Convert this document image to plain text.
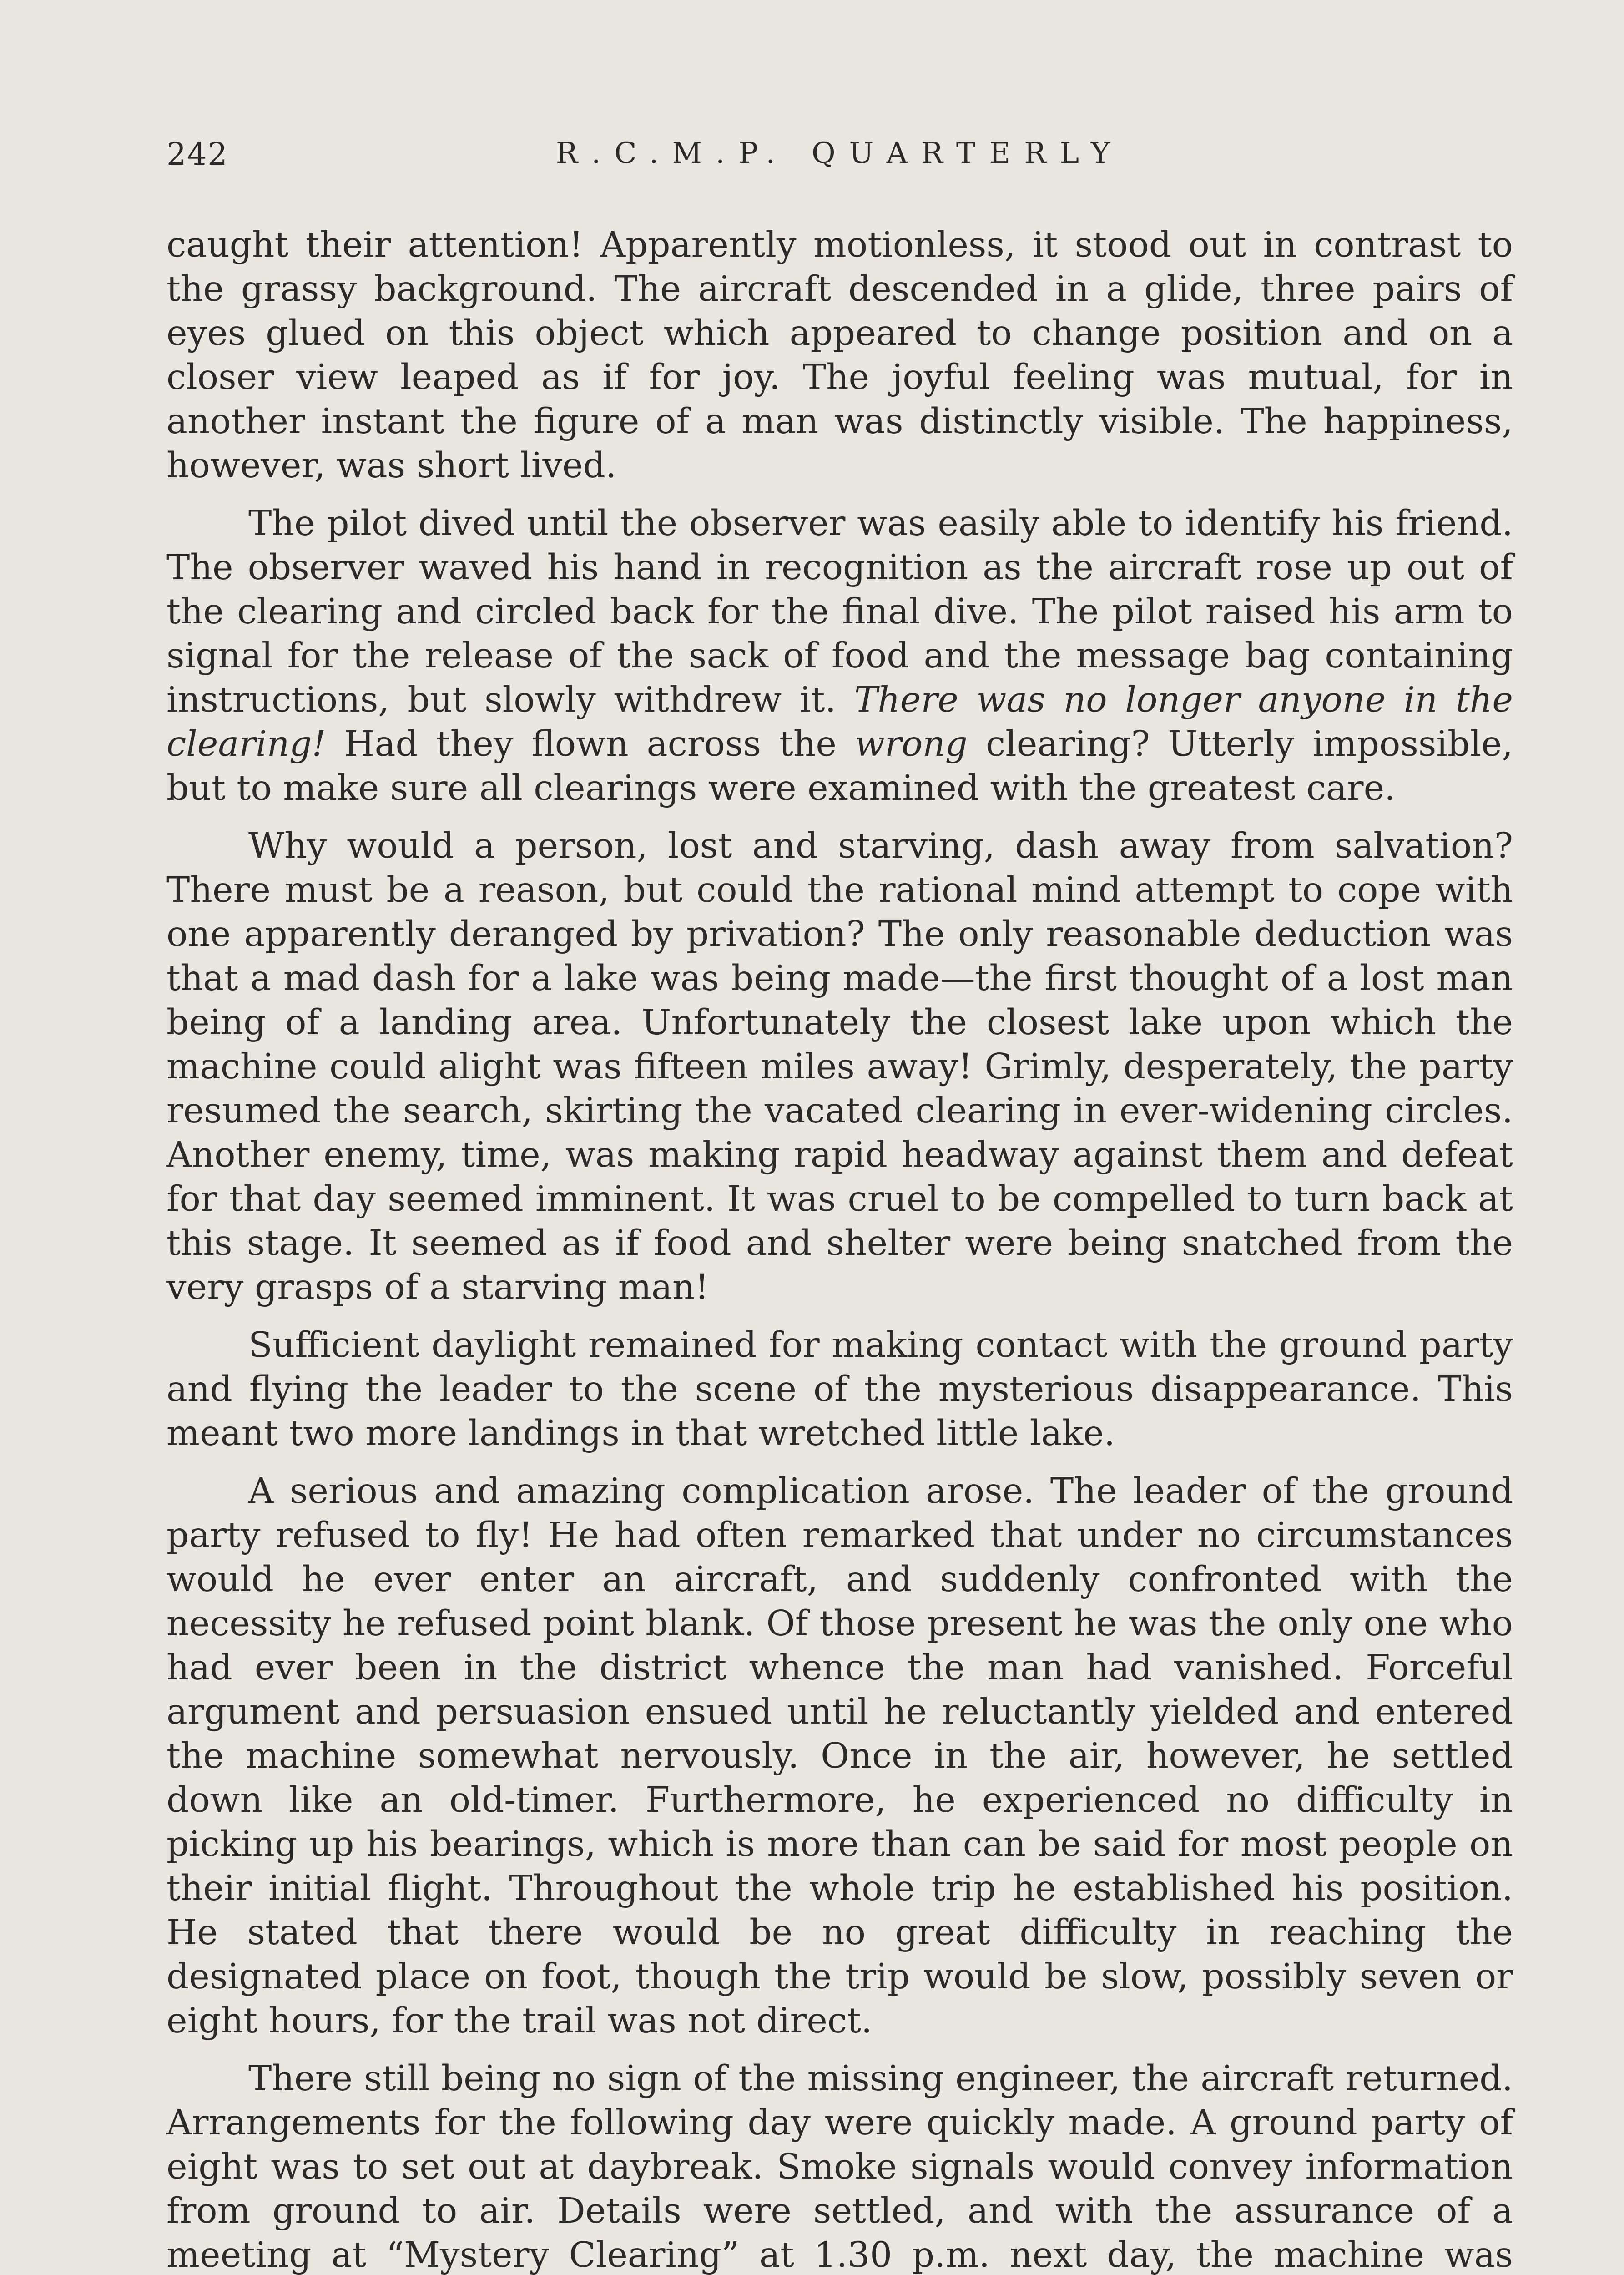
242	R.C.M.P. QUARTERLY

caught their attention! Apparently motionless, it stood out in contrast to the grassy background. The aircraft descended in a glide, three pairs of eyes glued on this object which appeared to change position and on a closer view leaped as if for joy. The joyful feeling was mutual, for in another instant the figure of a man was distinctly visible. The happiness, however, was short lived.

The pilot dived until the observer was easily able to identify his friend. The observer waved his hand in recognition as the aircraft rose up out of the clearing and circled back for the final dive. The pilot raised his arm to signal for the release of the sack of food and the message bag containing instructions, but slowly withdrew it. There was no longer anyone in the clearing! Had they flown across the wrong clearing? Utterly impossible, but to make sure all clearings were examined with the greatest care.

Why would a person, lost and starving, dash away from salvation? There must be a reason, but could the rational mind attempt to cope with one apparently deranged by privation? The only reasonable deduction was that a mad dash for a lake was being made—the first thought of a lost man being of a landing area. Unfortunately the closest lake upon which the machine could alight was fifteen miles away! Grimly, desperately, the party resumed the search, skirting the vacated clearing in ever-widening circles. Another enemy, time, was making rapid headway against them and defeat for that day seemed imminent. It was cruel to be compelled to turn back at this stage. It seemed as if food and shelter were being snatched from the very grasps of a starving man!

Sufficient daylight remained for making contact with the ground party and flying the leader to the scene of the mysterious disappearance. This meant two more landings in that wretched little lake.

A serious and amazing complication arose. The leader of the ground party refused to fly! He had often remarked that under no circumstances would he ever enter an aircraft, and suddenly confronted with the necessity he refused point blank. Of those present he was the only one who had ever been in the district whence the man had vanished. Forceful argument and persuasion ensued until he reluctantly yielded and entered the machine somewhat nervously. Once in the air, however, he settled down like an old-timer. Furthermore, he experienced no difficulty in picking up his bearings, which is more than can be said for most people on their initial flight. Throughout the whole trip he established his position. He stated that there would be no great difficulty in reaching the designated place on foot, though the trip would be slow, possibly seven or eight hours, for the trail was not direct.

There still being no sign of the missing engineer, the aircraft returned. Arrangements for the following day were quickly made. A ground party of eight was to set out at daybreak. Smoke signals would convey information from ground to air. Details were settled, and with the assurance of a meeting at “Mystery Clearing” at 1.30 p.m. next day, the machine was
